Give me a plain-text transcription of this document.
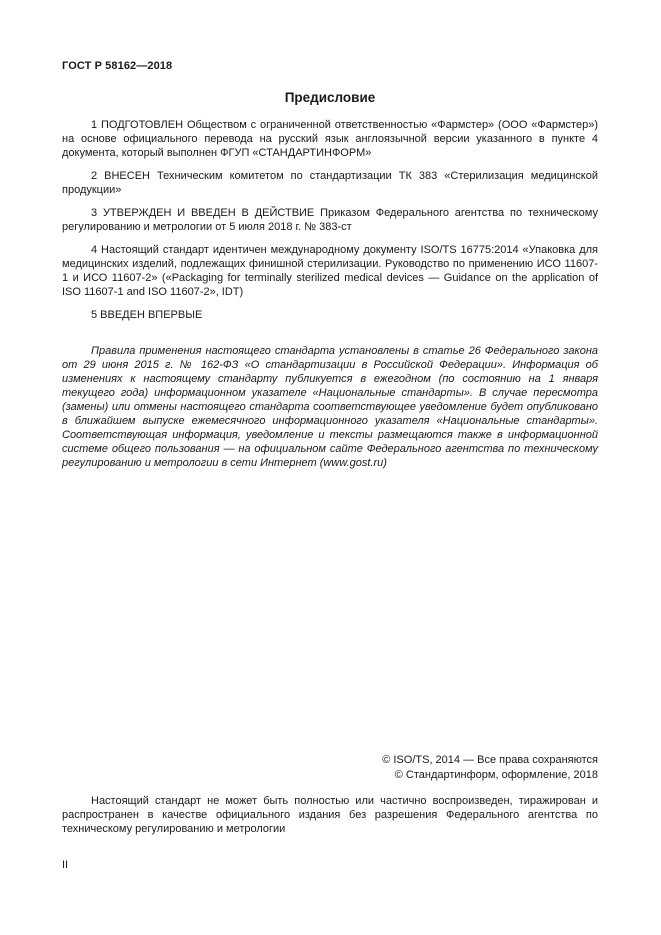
ГОСТ Р 58162—2018
Предисловие

1 ПОДГОТОВЛЕН Обществом с ограниченной ответственностью «Фармстер» (ООО «Фармстер») на основе официального перевода на русский язык англоязычной версии указанного в пункте 4 документа, который выполнен ФГУП «СТАНДАРТИНФОРМ»

2 ВНЕСЕН Техническим комитетом по стандартизации ТК 383 «Стерилизация медицинской продукции»

3 УТВЕРЖДЕН И ВВЕДЕН В ДЕЙСТВИЕ Приказом Федерального агентства по техническому регулированию и метрологии от 5 июля 2018 г. № 383-ст

4 Настоящий стандарт идентичен международному документу ISO/TS 16775:2014 «Упаковка для медицинских изделий, подлежащих финишной стерилизации. Руководство по применению ИСО 11607-1 и ИСО 11607-2» («Packaging for terminally sterilized medical devices — Guidance on the application of ISO 11607-1 and ISO 11607-2», IDT)

5 ВВЕДЕН ВПЕРВЫЕ

Правила применения настоящего стандарта установлены в статье 26 Федерального закона от 29 июня 2015 г. № 162-ФЗ «О стандартизации в Российской Федерации». Информация об изменениях к настоящему стандарту публикуется в ежегодном (по состоянию на 1 января текущего года) информационном указателе «Национальные стандарты». В случае пересмотра (замены) или отмены настоящего стандарта соответствующее уведомление будет опубликовано в ближайшем выпуске ежемесячного информационного указателя «Национальные стандарты». Соответствующая информация, уведомление и тексты размещаются также в информационной системе общего пользования — на официальном сайте Федерального агентства по техническому регулированию и метрологии в сети Интернет (www.gost.ru)
© ISO/TS, 2014 — Все права сохраняются
© Стандартинформ, оформление, 2018
Настоящий стандарт не может быть полностью или частично воспроизведен, тиражирован и распространен в качестве официального издания без разрешения Федерального агентства по техническому регулированию и метрологии
II
